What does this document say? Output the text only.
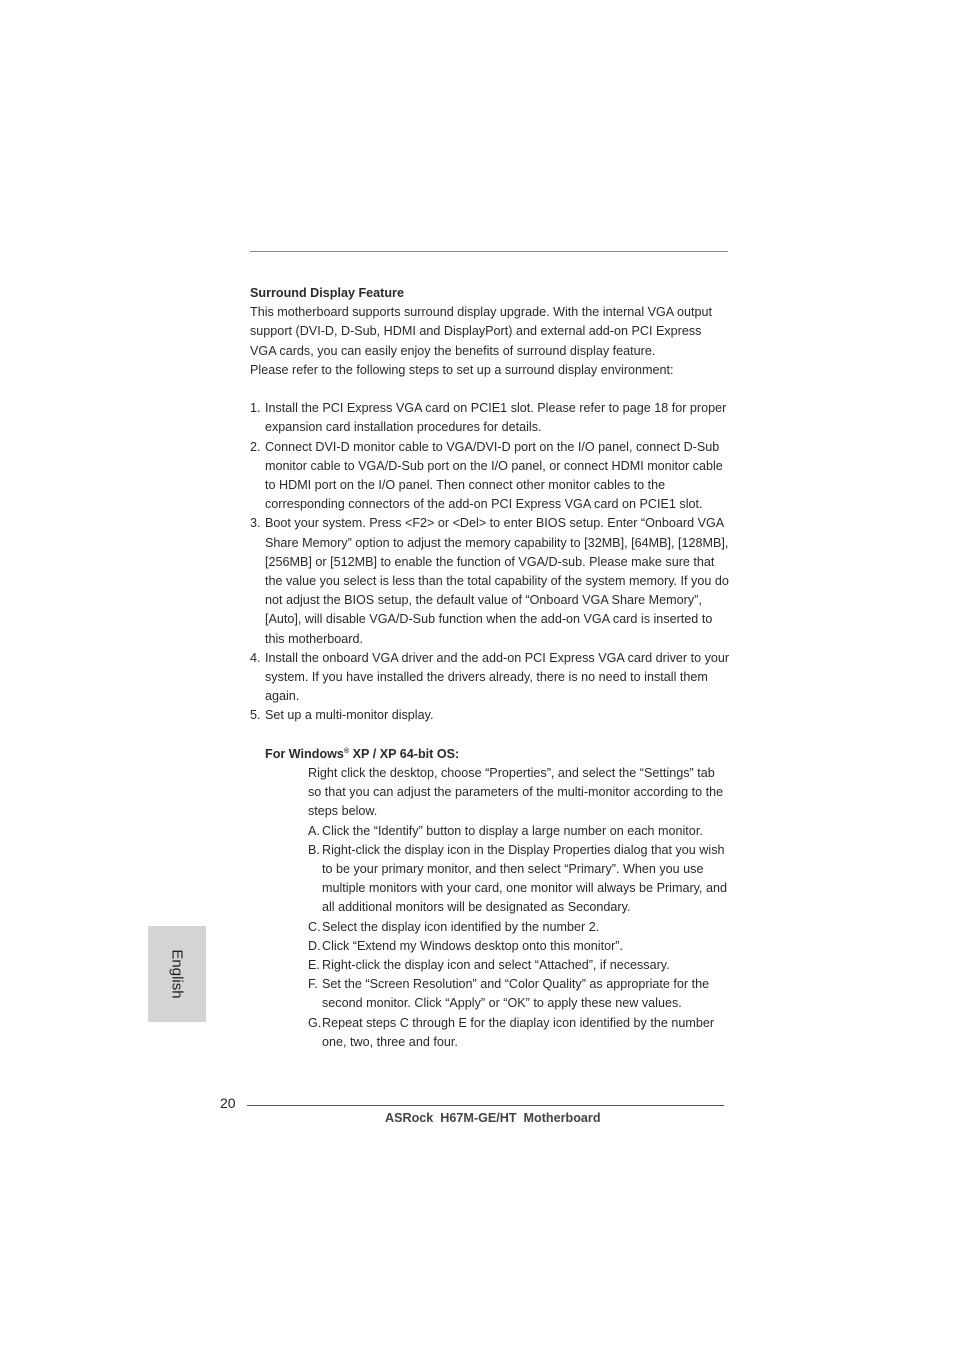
Surround Display Feature

This motherboard supports surround display upgrade. With the internal VGA output support (DVI-D, D-Sub, HDMI and DisplayPort) and external add-on PCI Express VGA cards, you can easily enjoy the benefits of surround display feature.

Please refer to the following steps to set up a surround display environment:

1. Install the PCI Express VGA card on PCIE1 slot. Please refer to page 18 for proper expansion card installation procedures for details.
2. Connect DVI-D monitor cable to VGA/DVI-D port on the I/O panel, connect D-Sub monitor cable to VGA/D-Sub port on the I/O panel, or connect HDMI monitor cable to HDMI port on the I/O panel. Then connect other monitor cables to the corresponding connectors of the add-on PCI Express VGA card on PCIE1 slot.
3. Boot your system. Press <F2> or <Del> to enter BIOS setup. Enter “Onboard VGA Share Memory” option to adjust the memory capability to [32MB], [64MB], [128MB], [256MB] or [512MB] to enable the function of VGA/D-sub. Please make sure that the value you select is less than the total capability of the system memory. If you do not adjust the BIOS setup, the default value of “Onboard VGA Share Memory”, [Auto], will disable VGA/D-Sub function when the add-on VGA card is inserted to this motherboard.
4. Install the onboard VGA driver and the add-on PCI Express VGA card driver to your system. If you have installed the drivers already, there is no need to install them again.
5. Set up a multi-monitor display.

For Windows® XP / XP 64-bit OS:

Right click the desktop, choose “Properties”, and select the “Settings” tab so that you can adjust the parameters of the multi-monitor according to the steps below.

A. Click the “Identify” button to display a large number on each monitor.
B. Right-click the display icon in the Display Properties dialog that you wish to be your primary monitor, and then select “Primary”. When you use multiple monitors with your card, one monitor will always be Primary, and all additional monitors will be designated as Secondary.
C. Select the display icon identified by the number 2.
D. Click “Extend my Windows desktop onto this monitor”.
E. Right-click the display icon and select “Attached”, if necessary.
F. Set the “Screen Resolution” and “Color Quality” as appropriate for the second monitor. Click “Apply” or “OK” to apply these new values.
G. Repeat steps C through E for the diaplay icon identified by the number one, two, three and four.
English
20
ASRock  H67M-GE/HT  Motherboard
